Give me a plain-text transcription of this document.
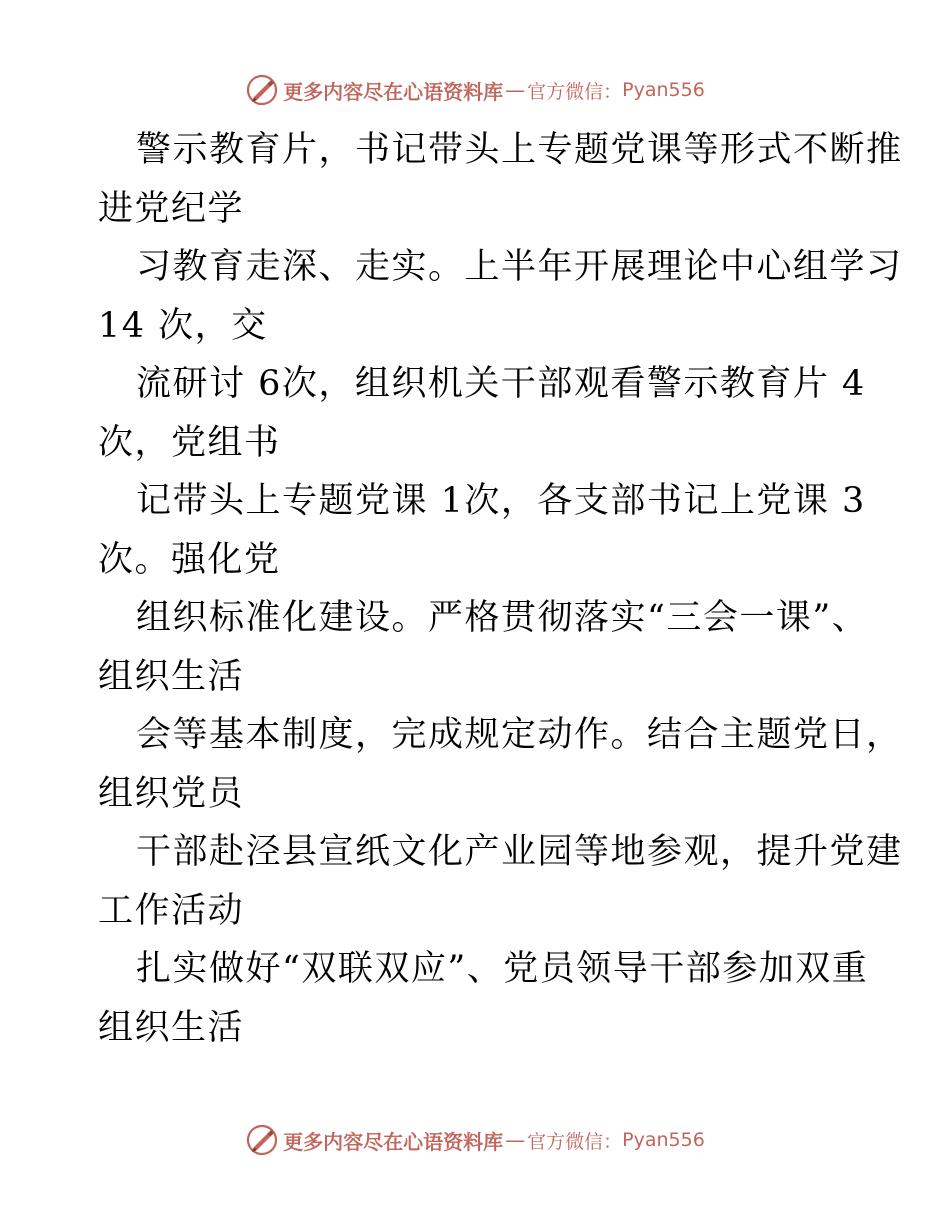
更多内容尽在心语资料库 — 官方微信： Pyan556
警示教育片，书记带头上专题党课等形式不断推
进党纪学
习教育走深、走实。上半年开展理论中心组学习
14 次，交
流研讨 6次，组织机关干部观看警示教育片 4
次，党组书
记带头上专题党课 1次，各支部书记上党课 3
次。强化党
组织标准化建设。严格贯彻落实“三会一课”、
组织生活
会等基本制度，完成规定动作。结合主题党日，
组织党员
干部赴泾县宣纸文化产业园等地参观，提升党建
工作活动
扎实做好“双联双应”、党员领导干部参加双重
组织生活
更多内容尽在心语资料库 — 官方微信： Pyan556
